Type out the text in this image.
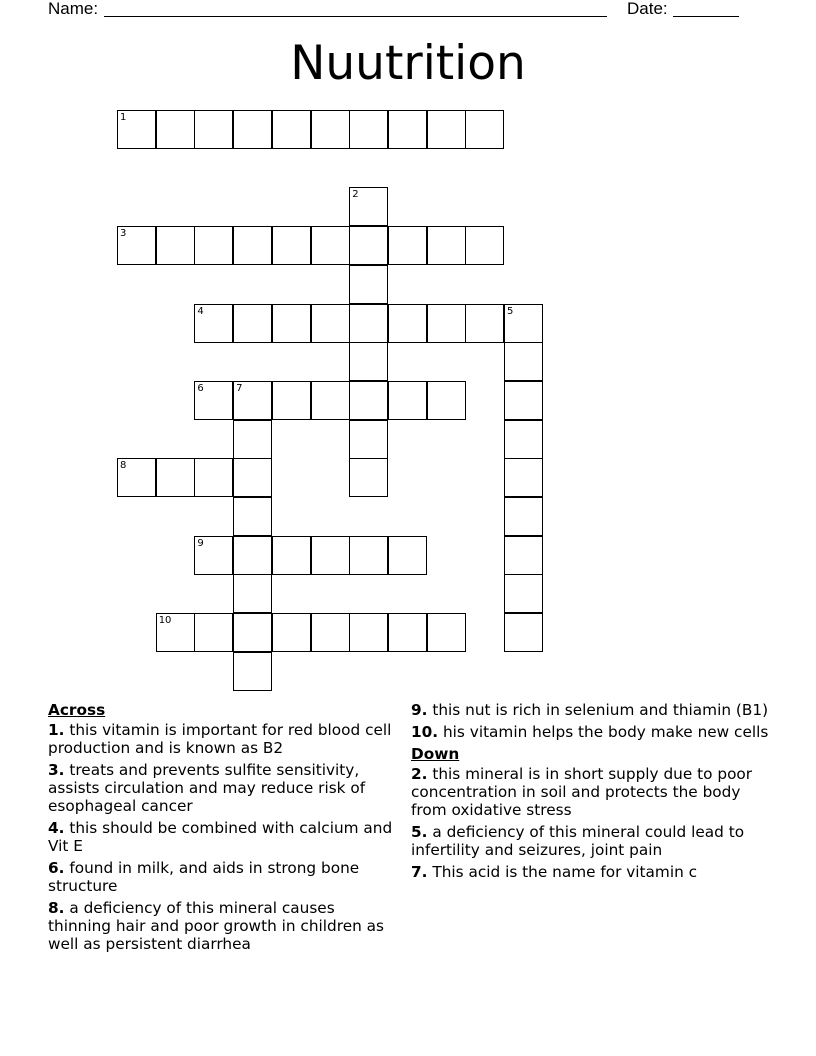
Name:	Date:
Nuutrition
1
2
3
4	5
6	7
8
9
10
Across
1. this vitamin is important for red blood cell production and is known as B2
3. treats and prevents sulfite sensitivity, assists circulation and may reduce risk of esophageal cancer
4. this should be combined with calcium and Vit E
6. found in milk, and aids in strong bone structure
8. a deficiency of this mineral causes thinning hair and poor growth in children as well as persistent diarrhea
9. this nut is rich in selenium and thiamin (B1)
10. his vitamin helps the body make new cells
Down
2. this mineral is in short supply due to poor concentration in soil and protects the body from oxidative stress
5. a deficiency of this mineral could lead to infertility and seizures, joint pain
7. This acid is the name for vitamin c
